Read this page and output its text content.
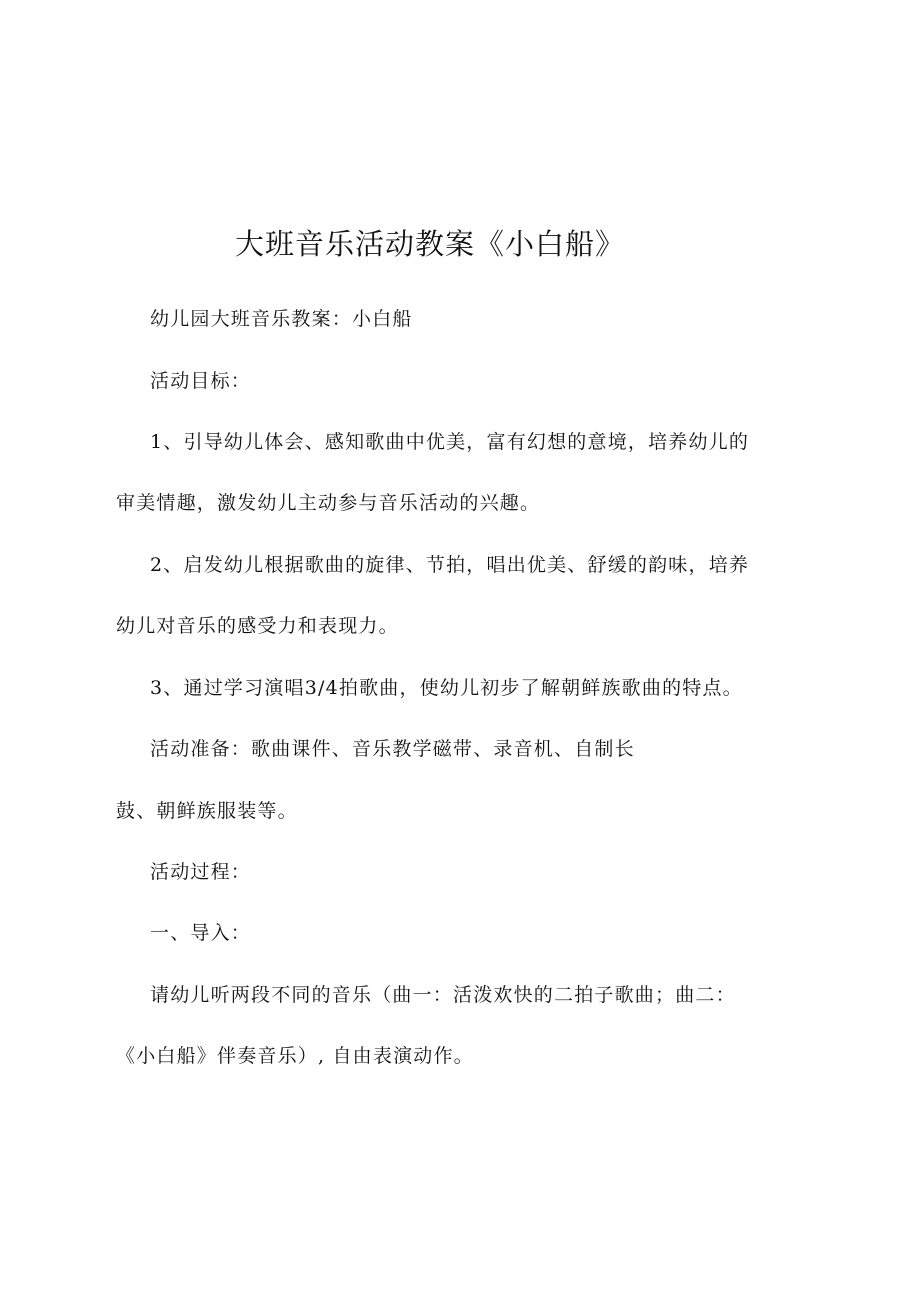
大班音乐活动教案《小白船》
幼儿园大班音乐教案：小白船
活动目标：
1、引导幼儿体会、感知歌曲中优美，富有幻想的意境，培养幼儿的
审美情趣，激发幼儿主动参与音乐活动的兴趣。
2、启发幼儿根据歌曲的旋律、节拍，唱出优美、舒缓的韵味，培养
幼儿对音乐的感受力和表现力。
3、通过学习演唱3/4拍歌曲，使幼儿初步了解朝鲜族歌曲的特点。
活动准备：歌曲课件、音乐教学磁带、录音机、自制长
鼓、朝鲜族服装等。
活动过程：
一、导入：
请幼儿听两段不同的音乐（曲一：活泼欢快的二拍子歌曲；曲二：
《小白船》伴奏音乐）, 自由表演动作。
